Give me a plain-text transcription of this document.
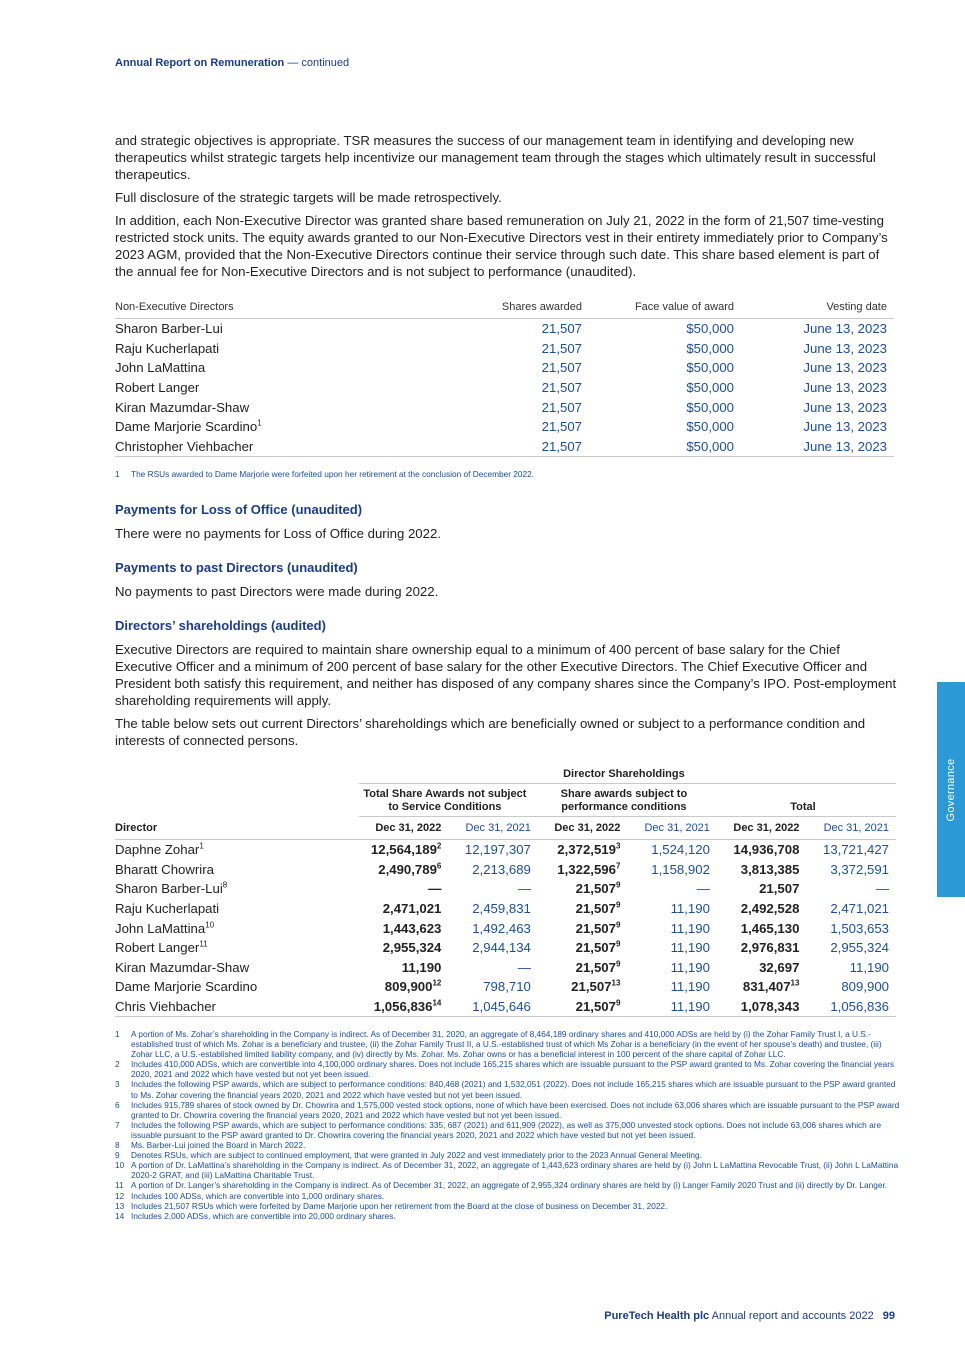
Annual Report on Remuneration — continued

and strategic objectives is appropriate. TSR measures the success of our management team in identifying and developing new therapeutics whilst strategic targets help incentivize our management team through the stages which ultimately result in successful therapeutics.

Full disclosure of the strategic targets will be made retrospectively.

In addition, each Non-Executive Director was granted share based remuneration on July 21, 2022 in the form of 21,507 time-vesting restricted stock units. The equity awards granted to our Non-Executive Directors vest in their entirety immediately prior to Company’s 2023 AGM, provided that the Non-Executive Directors continue their service through such date. This share based element is part of the annual fee for Non-Executive Directors and is not subject to performance (unaudited).

Non-Executive Directors	Shares awarded	Face value of award	Vesting date
Sharon Barber-Lui	21,507	$50,000	June 13, 2023
Raju Kucherlapati	21,507	$50,000	June 13, 2023
John LaMattina	21,507	$50,000	June 13, 2023
Robert Langer	21,507	$50,000	June 13, 2023
Kiran Mazumdar-Shaw	21,507	$50,000	June 13, 2023
Dame Marjorie Scardino$^1$	21,507	$50,000	June 13, 2023
Christopher Viehbacher	21,507	$50,000	June 13, 2023
1 The RSUs awarded to Dame Marjorie were forfeited upon her retirement at the conclusion of December 2022.
Payments for Loss of Office (unaudited)

There were no payments for Loss of Office during 2022.

Payments to past Directors (unaudited)

No payments to past Directors were made during 2022.

Directors’ shareholdings (audited)

Executive Directors are required to maintain share ownership equal to a minimum of 400 percent of base salary for the Chief Executive Officer and a minimum of 200 percent of base salary for the other Executive Directors. The Chief Executive Officer and President both satisfy this requirement, and neither has disposed of any company shares since the Company’s IPO. Post-employment shareholding requirements will apply.

The table below sets out current Directors’ shareholdings which are beneficially owned or subject to a performance condition and interests of connected persons.

	Director Shareholdings					
	Total Share Awards not subject to Service Conditions		Share awards subject to performance conditions		Total	
Director	Dec 31, 2022	Dec 31, 2021	Dec 31, 2022	Dec 31, 2021	Dec 31, 2022	Dec 31, 2021
Daphne Zohar$^1$	12,564,189$^2$	12,197,307	2,372,519$^3$	1,524,120	14,936,708	13,721,427
Bharatt Chowrira	2,490,789$^6$	2,213,689	1,322,596$^7$	1,158,902	3,813,385	3,372,591
Sharon Barber-Lui$^8$	—	—	21,507$^9$	—	21,507	—
Raju Kucherlapati	2,471,021	2,459,831	21,507$^9$	11,190	2,492,528	2,471,021
John LaMattina$^{10}$	1,443,623	1,492,463	21,507$^9$	11,190	1,465,130	1,503,653
Robert Langer$^{11}$	2,955,324	2,944,134	21,507$^9$	11,190	2,976,831	2,955,324
Kiran Mazumdar-Shaw	11,190	—	21,507$^9$	11,190	32,697	11,190
Dame Marjorie Scardino	809,900$^{12}$	798,710	21,507$^{13}$	11,190	831,407$^{13}$	809,900
Chris Viehbacher	1,056,836$^{14}$	1,045,646	21,507$^9$	11,190	1,078,343	1,056,836
1	A portion of Ms. Zohar’s shareholding in the Company is indirect. As of December 31, 2020, an aggregate of 8,464,189 ordinary shares and 410,000 ADSs are held by (i) the Zohar Family Trust I, a U.S.-established trust of which Ms. Zohar is a beneficiary and trustee, (ii) the Zohar Family Trust II, a U.S.-established trust of which Ms Zohar is a beneficiary (in the event of her spouse’s death) and trustee, (iii) Zohar LLC, a U.S.-established limited liability company, and (iv) directly by Ms. Zohar. Ms. Zohar owns or has a beneficial interest in 100 percent of the share capital of Zohar LLC.
2	Includes 410,000 ADSs, which are convertible into 4,100,000 ordinary shares. Does not include 165,215 shares which are issuable pursuant to the PSP award granted to Ms. Zohar covering the financial years 2020, 2021 and 2022 which have vested but not yet been issued.
3	Includes the following PSP awards, which are subject to performance conditions: 840,468 (2021) and 1,532,051 (2022). Does not include 165,215 shares which are issuable pursuant to the PSP award granted to Ms. Zohar covering the financial years 2020, 2021 and 2022 which have vested but not yet been issued.
6	Includes 915,789 shares of stock owned by Dr. Chowrira and 1,575,000 vested stock options, none of which have been exercised. Does not include 63,006 shares which are issuable pursuant to the PSP award granted to Dr. Chowrira covering the financial years 2020, 2021 and 2022 which have vested but not yet been issued.
7	Includes the following PSP awards, which are subject to performance conditions: 335, 687 (2021) and 611,909 (2022), as well as 375,000 unvested stock options. Does not include 63,006 shares which are issuable pursuant to the PSP award granted to Dr. Chowrira covering the financial years 2020, 2021 and 2022 which have vested but not yet been issued.
8	Ms. Barber-Lui joined the Board in March 2022.
9	Denotes RSUs, which are subject to continued employment, that were granted in July 2022 and vest immediately prior to the 2023 Annual General Meeting.
10 A portion of Dr. LaMattina’s shareholding in the Company is indirect. As of December 31, 2022, an aggregate of 1,443,623 ordinary shares are held by (i) John L LaMattina Revocable Trust, (ii) John L LaMattina 2020-2 GRAT, and (iii) LaMattina Charitable Trust.
11 A portion of Dr. Langer’s shareholding in the Company is indirect. As of December 31, 2022, an aggregate of 2,955,324 ordinary shares are held by (i) Langer Family 2020 Trust and (ii) directly by Dr. Langer.
12 Includes 100 ADSs, which are convertible into 1,000 ordinary shares.
13 Includes 21,507 RSUs which were forfeited by Dame Marjorie upon her retirement from the Board at the close of business on December 31, 2022.
14 Includes 2,000 ADSs, which are convertible into 20,000 ordinary shares.
PureTech Health plc Annual report and accounts 2022 99
Governance
